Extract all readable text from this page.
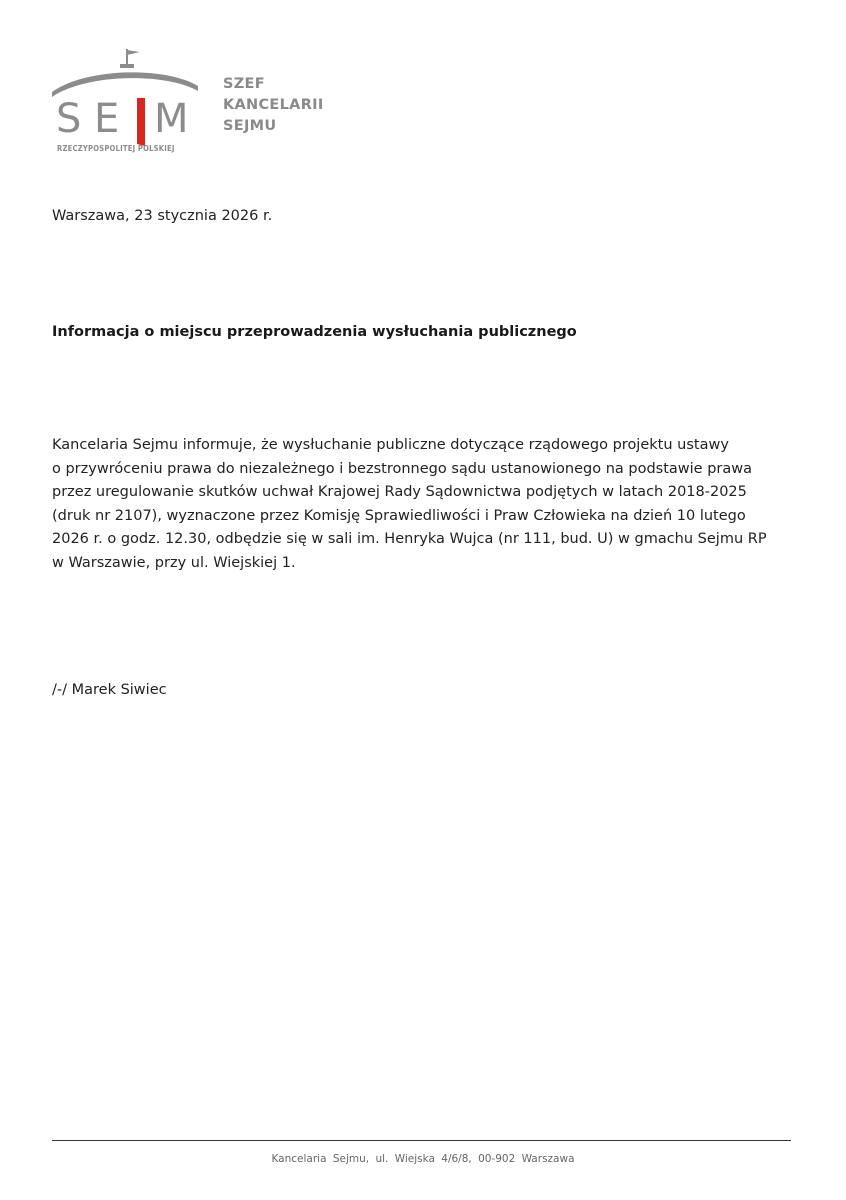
S E M
RZECZYPOSPOLITEJ POLSKIEJ
SZEF
KANCELARII
SEJMU
Warszawa, 23 stycznia 2026 r.
Informacja o miejscu przeprowadzenia wysłuchania publicznego
Kancelaria Sejmu informuje, że wysłuchanie publiczne dotyczące rządowego projektu ustawy
o przywróceniu prawa do niezależnego i bezstronnego sądu ustanowionego na podstawie prawa
przez uregulowanie skutków uchwał Krajowej Rady Sądownictwa podjętych w latach 2018-2025
(druk nr 2107), wyznaczone przez Komisję Sprawiedliwości i Praw Człowieka na dzień 10 lutego
2026 r. o godz. 12.30, odbędzie się w sali im. Henryka Wujca (nr 111, bud. U) w gmachu Sejmu RP
w Warszawie, przy ul. Wiejskiej 1.
/-/ Marek Siwiec
Kancelaria Sejmu, ul. Wiejska 4/6/8, 00-902 Warszawa
